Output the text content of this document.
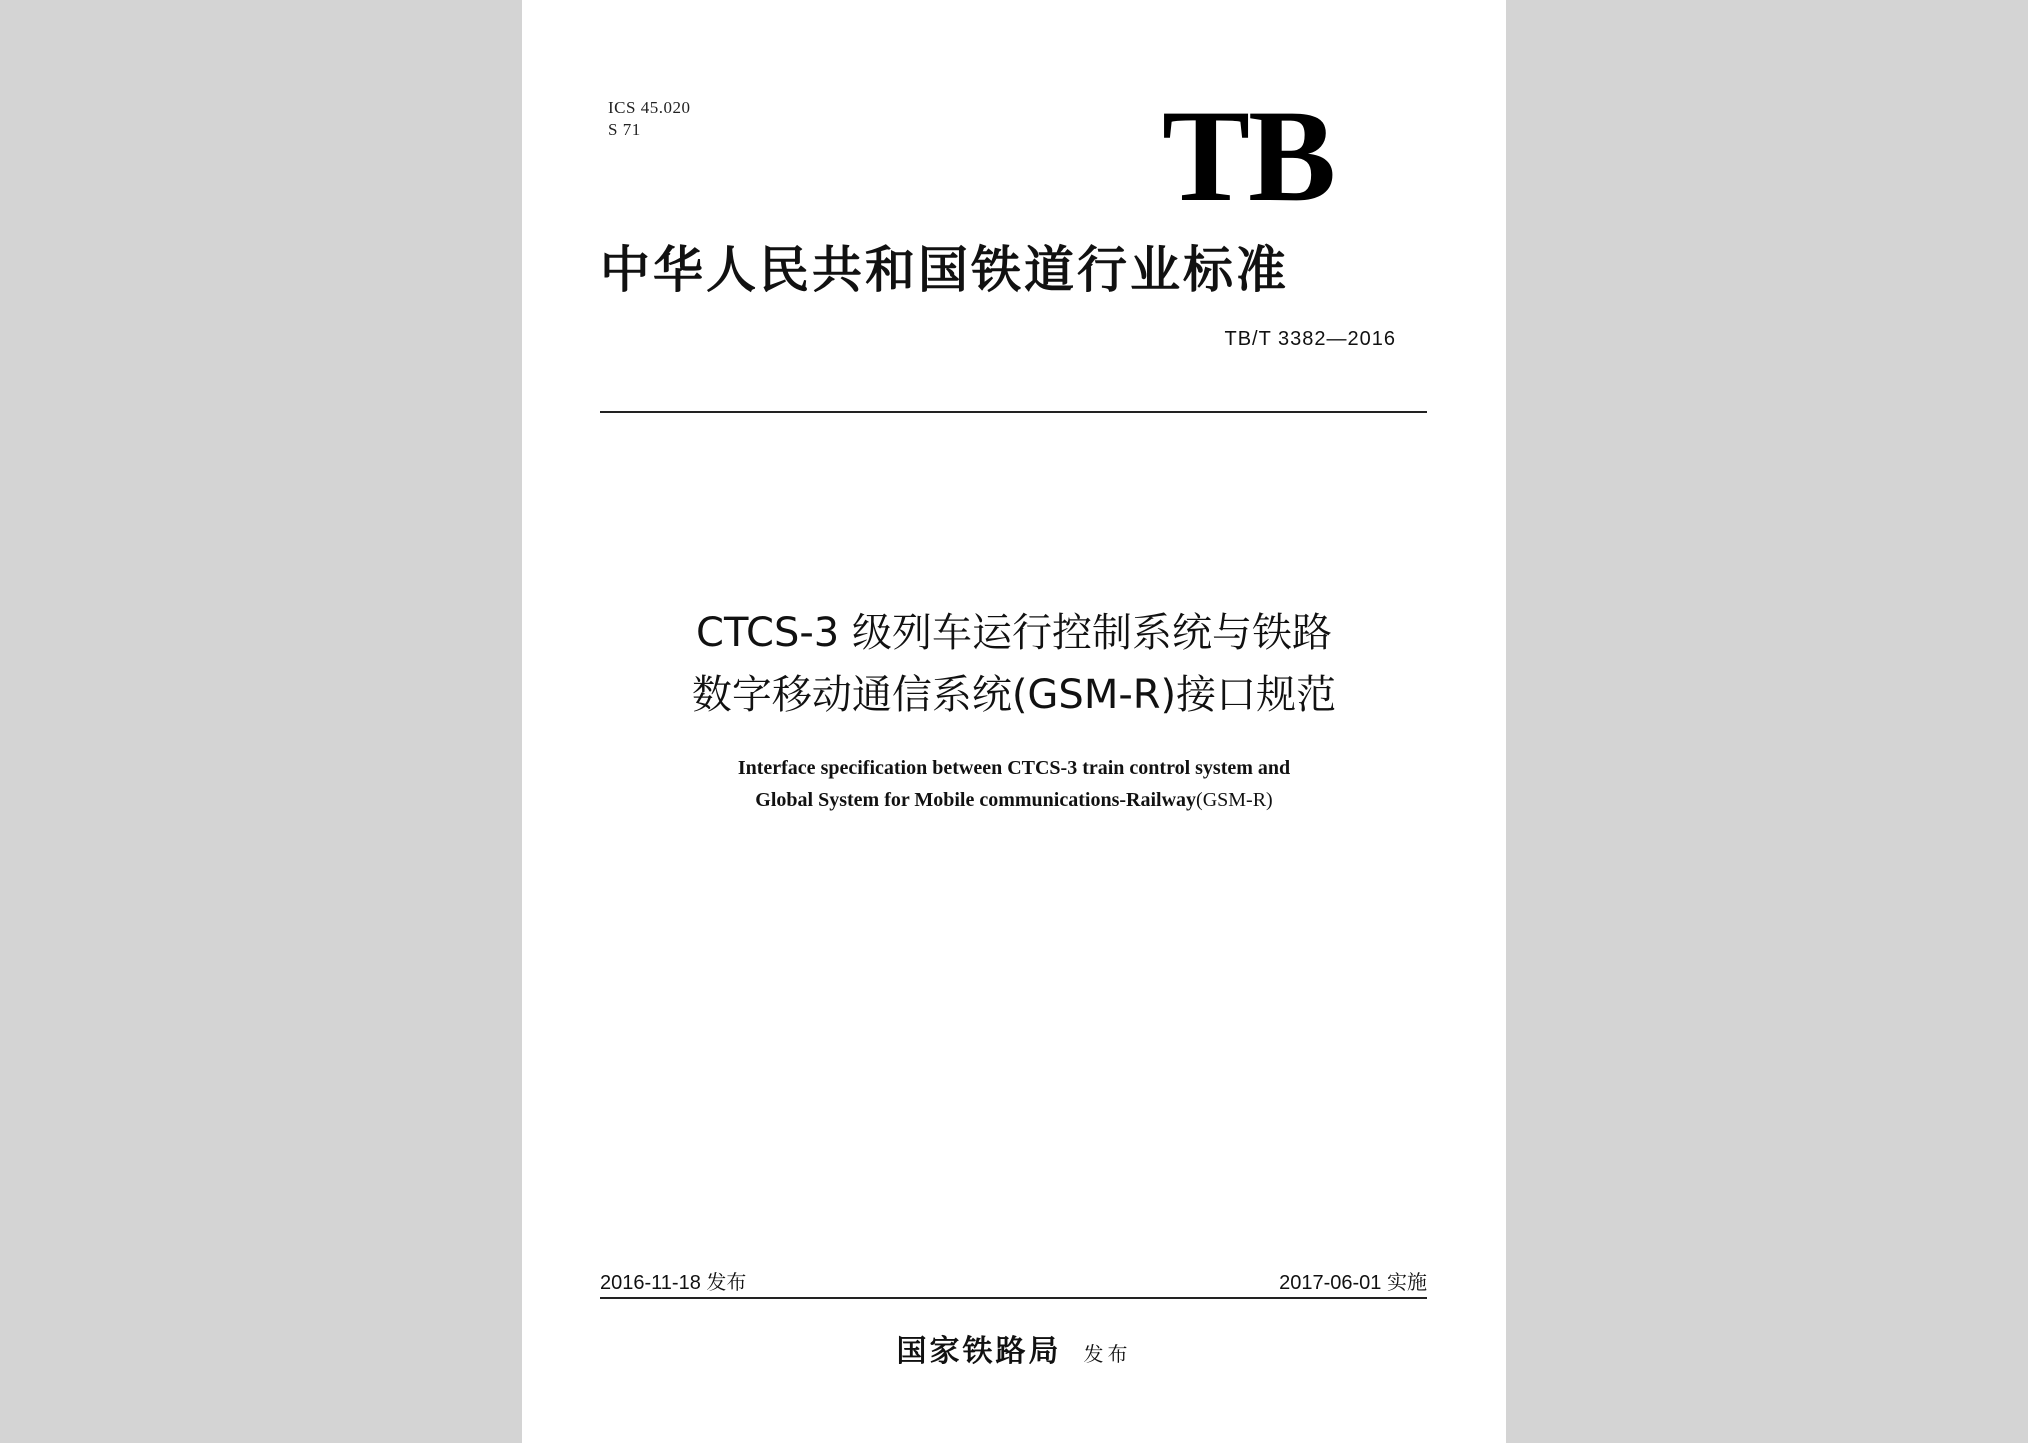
ICS 45.020
S 71	TB
中华人民共和国铁道行业标准
TB/T 3382—2016
CTCS-3 级列车运行控制系统与铁路
数字移动通信系统(GSM-R)接口规范
Interface specification between CTCS-3 train control system and
Global System for Mobile communications-Railway(GSM-R)
2016-11-18 发布	2017-06-01 实施
国家铁路局 发布
